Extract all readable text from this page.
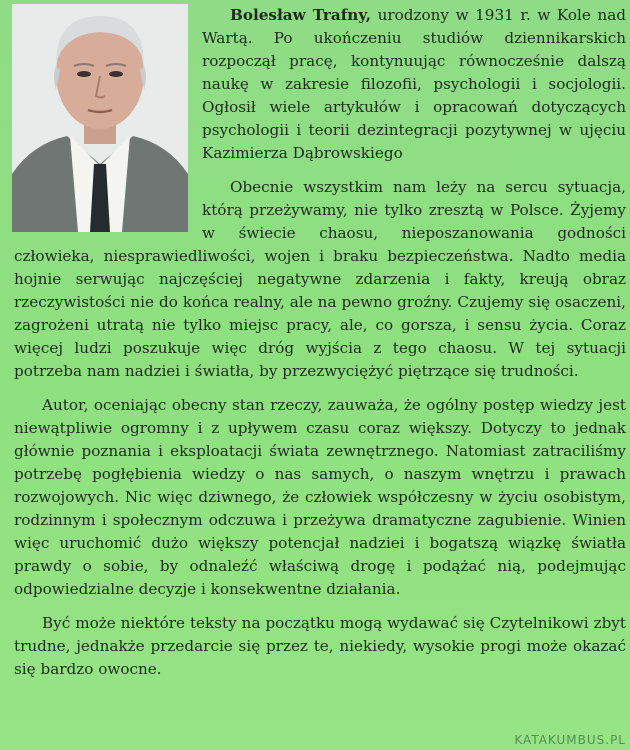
Bolesław Trafny, urodzony w 1931 r. w Kole nad Wartą. Po ukończeniu studiów dziennikarskich rozpoczął pracę, kontynuując równocześnie dalszą naukę w zakresie filozofii, psychologii i socjologii. Ogłosił wiele artykułów i opracowań dotyczących psychologii i teorii dezintegracji pozytywnej w ujęciu Kazimierza Dąbrowskiego

Obecnie wszystkim nam leży na sercu sytuacja, którą przeżywamy, nie tylko zresztą w Polsce. Żyjemy w świecie chaosu, nieposzanowania godności człowieka, niesprawiedliwości, wojen i braku bezpieczeństwa. Nadto media hojnie serwując najczęściej negatywne zdarzenia i fakty, kreują obraz rzeczywistości nie do końca realny, ale na pewno groźny. Czujemy się osaczeni, zagrożeni utratą nie tylko miejsc pracy, ale, co gorsza, i sensu życia. Coraz więcej ludzi poszukuje więc dróg wyjścia z tego chaosu. W tej sytuacji potrzeba nam nadziei i światła, by przezwyciężyć piętrzące się trudności.

Autor, oceniając obecny stan rzeczy, zauważa, że ogólny postęp wiedzy jest niewątpliwie ogromny i z upływem czasu coraz większy. Dotyczy to jednak głównie poznania i eksploatacji świata zewnętrznego. Natomiast zatraciliśmy potrzebę pogłębienia wiedzy o nas samych, o naszym wnętrzu i prawach rozwojowych. Nic więc dziwnego, że człowiek współczesny w życiu osobistym, rodzinnym i społecznym odczuwa i przeżywa dramatyczne zagubienie. Winien więc uruchomić dużo większy potencjał nadziei i bogatszą wiązkę światła prawdy o sobie, by odnaleźć właściwą drogę i podążać nią, podejmując odpowiedzialne decyzje i konsekwentne działania.

Być może niektóre teksty na początku mogą wydawać się Czytelnikowi zbyt trudne, jednakże przedarcie się przez te, niekiedy, wysokie progi może okazać się bardzo owocne.

KATAKUMBUS.PL
